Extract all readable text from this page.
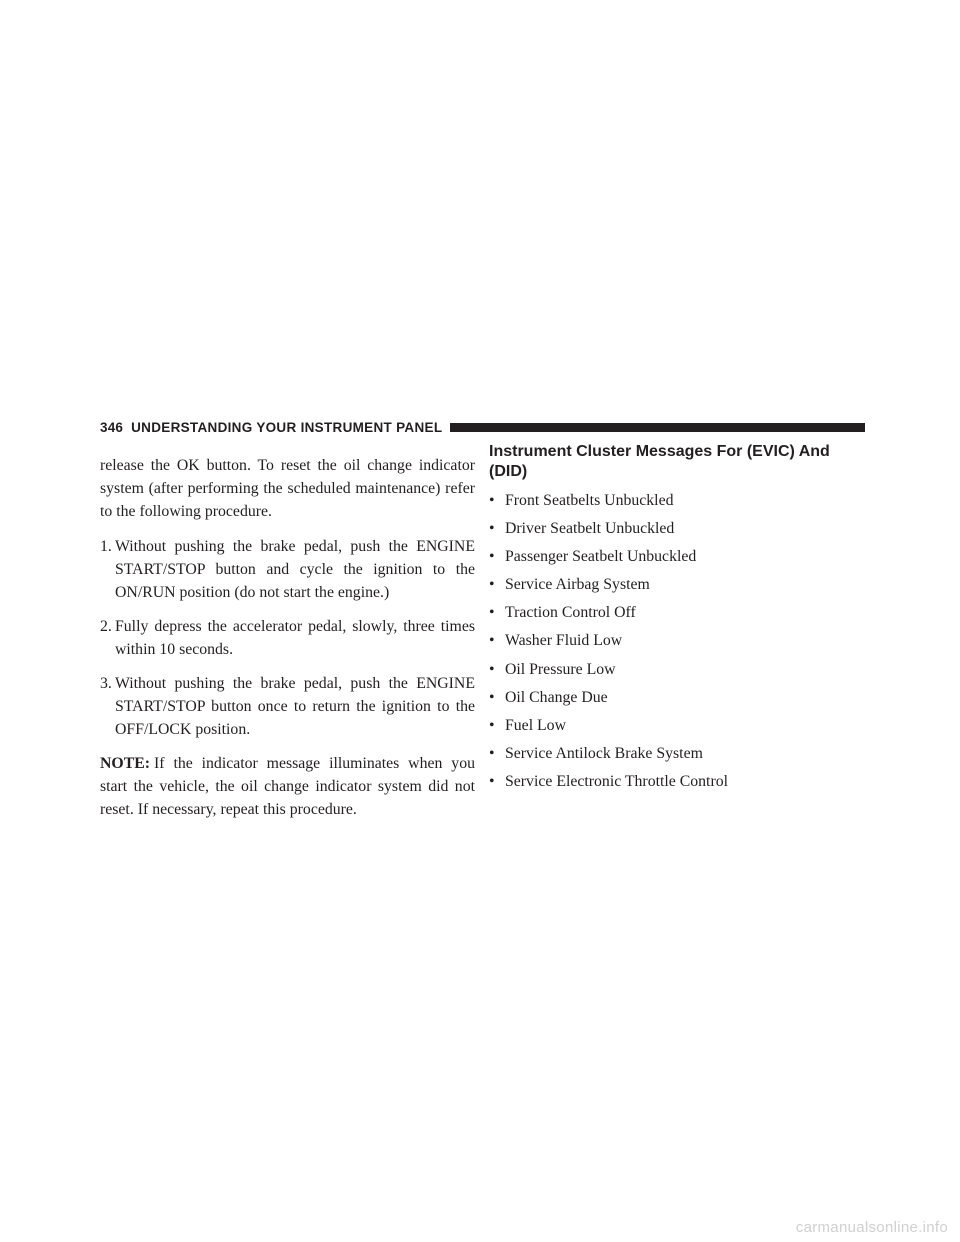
346 UNDERSTANDING YOUR INSTRUMENT PANEL

release the OK button. To reset the oil change indicator system (after performing the scheduled maintenance) refer to the following procedure.

1. Without pushing the brake pedal, push the ENGINE START/STOP button and cycle the ignition to the ON/RUN position (do not start the engine.)
2. Fully depress the accelerator pedal, slowly, three times within 10 seconds.
3. Without pushing the brake pedal, push the ENGINE START/STOP button once to return the ignition to the OFF/LOCK position.

NOTE: If the indicator message illuminates when you start the vehicle, the oil change indicator system did not reset. If necessary, repeat this procedure.

Instrument Cluster Messages For (EVIC) And (DID)
• Front Seatbelts Unbuckled
• Driver Seatbelt Unbuckled
• Passenger Seatbelt Unbuckled
• Service Airbag System
• Traction Control Off
• Washer Fluid Low
• Oil Pressure Low
• Oil Change Due
• Fuel Low
• Service Antilock Brake System
• Service Electronic Throttle Control
carmanualsonline.info
